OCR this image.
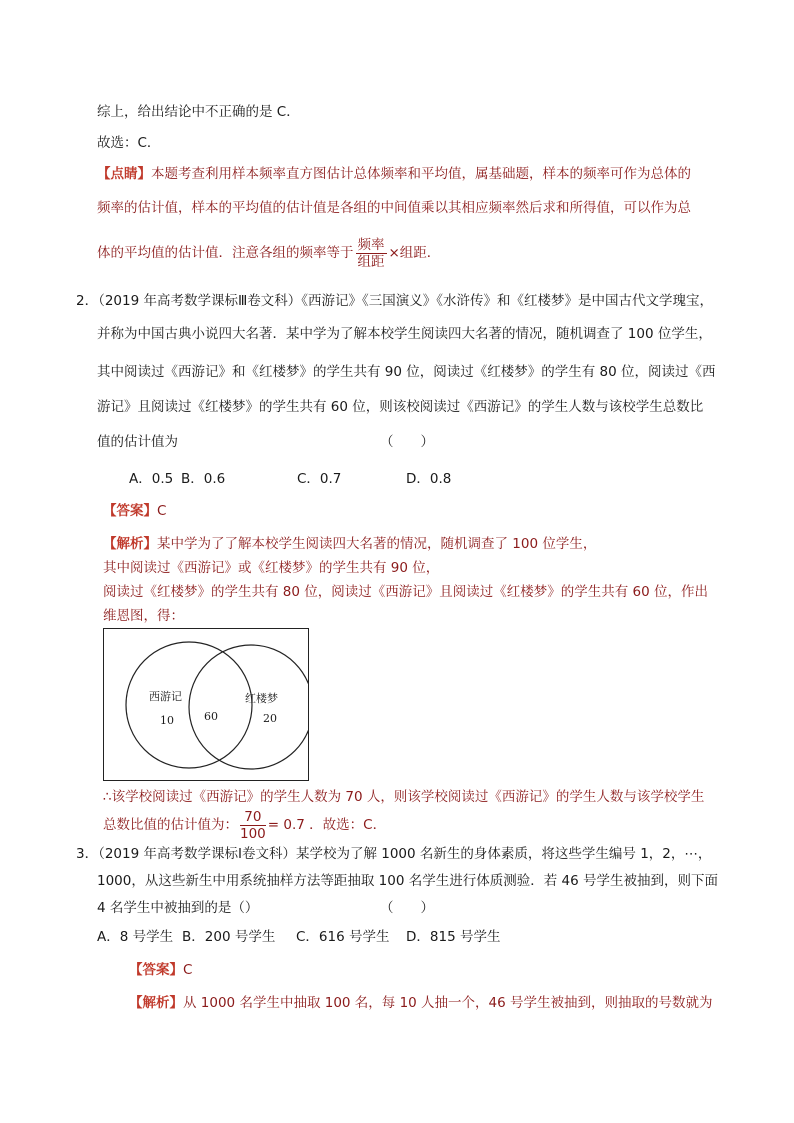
综上，给出结论中不正确的是 C．
故选：C．
【点睛】本题考查利用样本频率直方图估计总体频率和平均值，属基础题，样本的频率可作为总体的
频率的估计值，样本的平均值的估计值是各组的中间值乘以其相应频率然后求和所得值，可以作为总
体的平均值的估计值．注意各组的频率等于 $\frac{\text{频率}}{\text{组距}}$ ×组距．
2．（2019 年高考数学课标Ⅲ卷文科）《西游记》《三国演义》《水浒传》和《红楼梦》是中国古代文学瑰宝，
并称为中国古典小说四大名著．某中学为了解本校学生阅读四大名著的情况，随机调查了 100 位学生，
其中阅读过《西游记》和《红楼梦》的学生共有 90 位，阅读过《红楼梦》的学生有 80 位，阅读过《西
游记》且阅读过《红楼梦》的学生共有 60 位，则该校阅读过《西游记》的学生人数与该校学生总数比
值的估计值为	（　　）
A．0.5 B．0.6	C．0.7	D．0.8
【答案】C
【解析】某中学为了了解本校学生阅读四大名著的情况，随机调查了 100 位学生，
其中阅读过《西游记》或《红楼梦》的学生共有 90 位，
阅读过《红楼梦》的学生共有 80 位，阅读过《西游记》且阅读过《红楼梦》的学生共有 60 位，作出
维恩图，得：
西游记	红楼梦
10	60	20
∴该学校阅读过《西游记》的学生人数为 70 人，则该学校阅读过《西游记》的学生人数与该学校学生
总数比值的估计值为： $\frac{70}{100} = 0.7$ ．故选：C．
3．（2019 年高考数学课标Ⅰ卷文科）某学校为了解 1000 名新生的身体素质，将这些学生编号 1，2，⋯，
1000，从这些新生中用系统抽样方法等距抽取 100 名学生进行体质测验．若 46 号学生被抽到，则下面
4 名学生中被抽到的是（）	（　　）
A．8 号学生 B．200 号学生 C．616 号学生 D．815 号学生
【答案】C
【解析】从 1000 名学生中抽取 100 名，每 10 人抽一个，46 号学生被抽到，则抽取的号数就为
